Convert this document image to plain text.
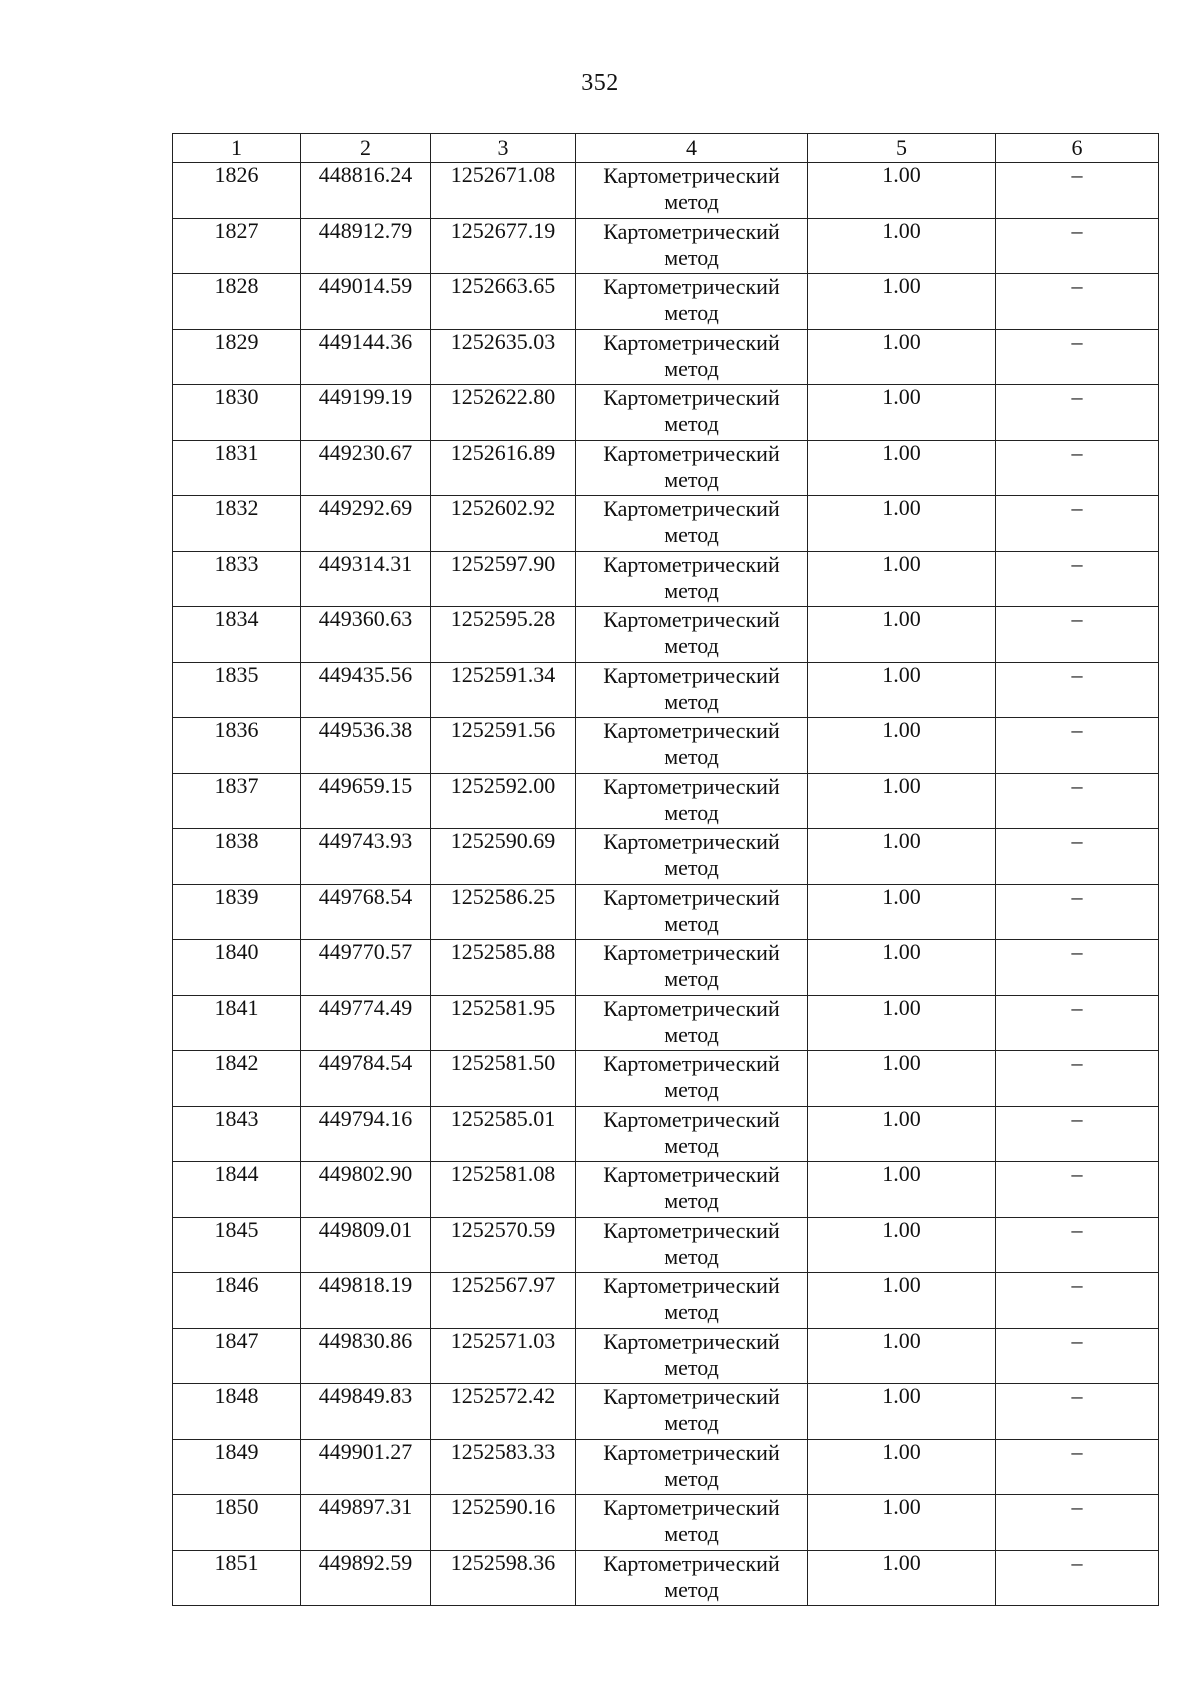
352
1	2	3	4	5	6
1826	448816.24	1252671.08	Картометрический метод	1.00	–
1827	448912.79	1252677.19	Картометрический метод	1.00	–
1828	449014.59	1252663.65	Картометрический метод	1.00	–
1829	449144.36	1252635.03	Картометрический метод	1.00	–
1830	449199.19	1252622.80	Картометрический метод	1.00	–
1831	449230.67	1252616.89	Картометрический метод	1.00	–
1832	449292.69	1252602.92	Картометрический метод	1.00	–
1833	449314.31	1252597.90	Картометрический метод	1.00	–
1834	449360.63	1252595.28	Картометрический метод	1.00	–
1835	449435.56	1252591.34	Картометрический метод	1.00	–
1836	449536.38	1252591.56	Картометрический метод	1.00	–
1837	449659.15	1252592.00	Картометрический метод	1.00	–
1838	449743.93	1252590.69	Картометрический метод	1.00	–
1839	449768.54	1252586.25	Картометрический метод	1.00	–
1840	449770.57	1252585.88	Картометрический метод	1.00	–
1841	449774.49	1252581.95	Картометрический метод	1.00	–
1842	449784.54	1252581.50	Картометрический метод	1.00	–
1843	449794.16	1252585.01	Картометрический метод	1.00	–
1844	449802.90	1252581.08	Картометрический метод	1.00	–
1845	449809.01	1252570.59	Картометрический метод	1.00	–
1846	449818.19	1252567.97	Картометрический метод	1.00	–
1847	449830.86	1252571.03	Картометрический метод	1.00	–
1848	449849.83	1252572.42	Картометрический метод	1.00	–
1849	449901.27	1252583.33	Картометрический метод	1.00	–
1850	449897.31	1252590.16	Картометрический метод	1.00	–
1851	449892.59	1252598.36	Картометрический метод	1.00	–
